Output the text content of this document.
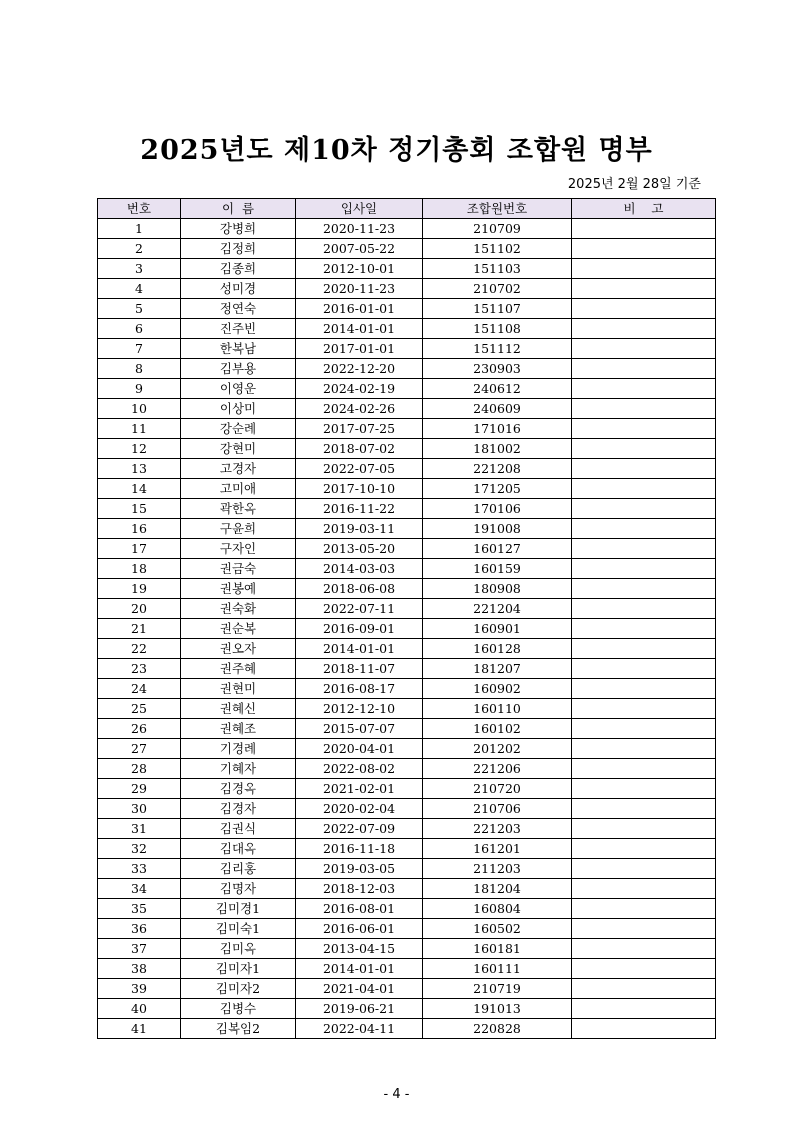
2025년도 제10차 정기총회 조합원 명부
2025년 2월 28일 기준
번호	이  름	입사일	조합원번호	비    고
1	강병희	2020-11-23	210709	
2	김정희	2007-05-22	151102	
3	김종희	2012-10-01	151103	
4	성미경	2020-11-23	210702	
5	정연숙	2016-01-01	151107	
6	진주빈	2014-01-01	151108	
7	한복남	2017-01-01	151112	
8	김부용	2022-12-20	230903	
9	이영운	2024-02-19	240612	
10	이상미	2024-02-26	240609	
11	강순례	2017-07-25	171016	
12	강현미	2018-07-02	181002	
13	고경자	2022-07-05	221208	
14	고미애	2017-10-10	171205	
15	곽한옥	2016-11-22	170106	
16	구윤희	2019-03-11	191008	
17	구자인	2013-05-20	160127	
18	권금숙	2014-03-03	160159	
19	권봉예	2018-06-08	180908	
20	권숙화	2022-07-11	221204	
21	권순복	2016-09-01	160901	
22	권오자	2014-01-01	160128	
23	권주혜	2018-11-07	181207	
24	권현미	2016-08-17	160902	
25	권혜신	2012-12-10	160110	
26	권혜조	2015-07-07	160102	
27	기경례	2020-04-01	201202	
28	기혜자	2022-08-02	221206	
29	김경옥	2021-02-01	210720	
30	김경자	2020-02-04	210706	
31	김권식	2022-07-09	221203	
32	김대옥	2016-11-18	161201	
33	김리홍	2019-03-05	211203	
34	김명자	2018-12-03	181204	
35	김미경1	2016-08-01	160804	
36	김미숙1	2016-06-01	160502	
37	김미옥	2013-04-15	160181	
38	김미자1	2014-01-01	160111	
39	김미자2	2021-04-01	210719	
40	김병수	2019-06-21	191013	
41	김복임2	2022-04-11	220828	
- 4 -
